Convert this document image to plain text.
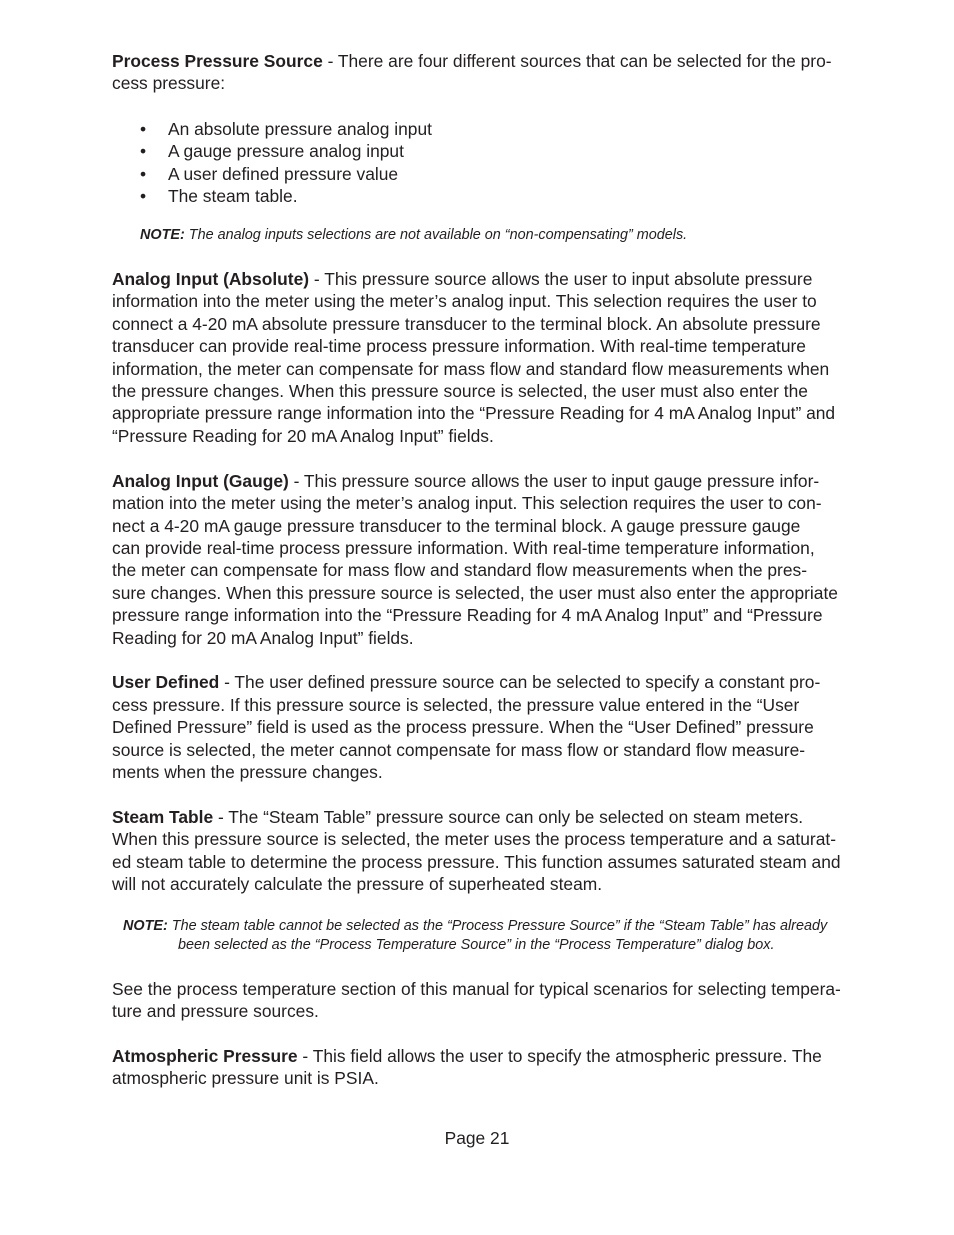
Process Pressure Source - There are four different sources that can be selected for the pro-
cess pressure:

• An absolute pressure analog input
• A gauge pressure analog input
• A user defined pressure value
• The steam table.

NOTE: The analog inputs selections are not available on “non-compensating” models.

Analog Input (Absolute) - This pressure source allows the user to input absolute pressure
information into the meter using the meter’s analog input. This selection requires the user to
connect a 4-20 mA absolute pressure transducer to the terminal block. An absolute pressure
transducer can provide real-time process pressure information. With real-time temperature
information, the meter can compensate for mass flow and standard flow measurements when
the pressure changes. When this pressure source is selected, the user must also enter the
appropriate pressure range information into the “Pressure Reading for 4 mA Analog Input” and
“Pressure Reading for 20 mA Analog Input” fields.

Analog Input (Gauge) - This pressure source allows the user to input gauge pressure infor-
mation into the meter using the meter’s analog input. This selection requires the user to con-
nect a 4-20 mA gauge pressure transducer to the terminal block. A gauge pressure gauge
can provide real-time process pressure information. With real-time temperature information,
the meter can compensate for mass flow and standard flow measurements when the pres-
sure changes. When this pressure source is selected, the user must also enter the appropriate
pressure range information into the “Pressure Reading for 4 mA Analog Input” and “Pressure
Reading for 20 mA Analog Input” fields.

User Defined - The user defined pressure source can be selected to specify a constant pro-
cess pressure. If this pressure source is selected, the pressure value entered in the “User
Defined Pressure” field is used as the process pressure. When the “User Defined” pressure
source is selected, the meter cannot compensate for mass flow or standard flow measure-
ments when the pressure changes.

Steam Table - The “Steam Table” pressure source can only be selected on steam meters.
When this pressure source is selected, the meter uses the process temperature and a saturat-
ed steam table to determine the process pressure. This function assumes saturated steam and
will not accurately calculate the pressure of superheated steam.

NOTE: The steam table cannot be selected as the “Process Pressure Source” if the “Steam Table” has already
been selected as the “Process Temperature Source” in the “Process Temperature” dialog box.

See the process temperature section of this manual for typical scenarios for selecting tempera-
ture and pressure sources.

Atmospheric Pressure - This field allows the user to specify the atmospheric pressure. The
atmospheric pressure unit is PSIA.

Page 21
